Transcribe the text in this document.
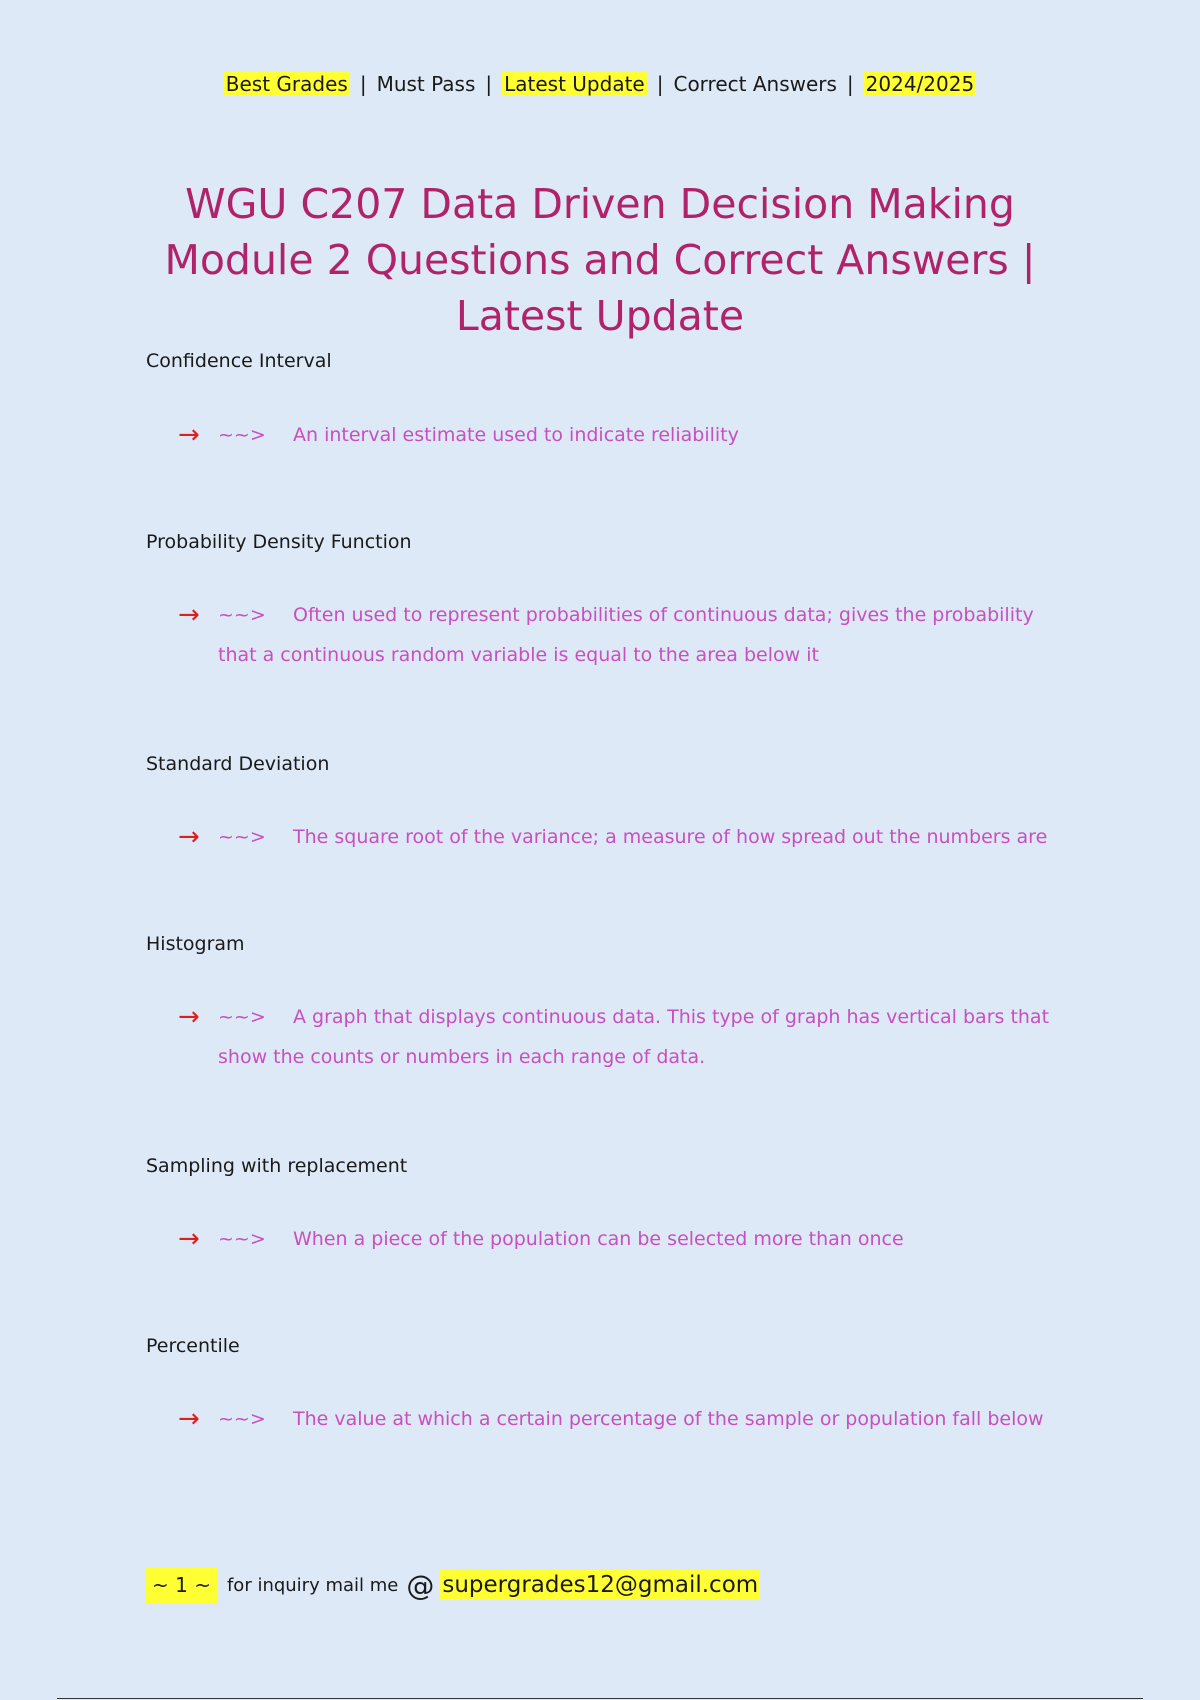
Best Grades | Must Pass | Latest Update | Correct Answers | 2024/2025
WGU C207 Data Driven Decision Making Module 2 Questions and Correct Answers | Latest Update
Confidence Interval
→ ~~>	An interval estimate used to indicate reliability
Probability Density Function
→ ~~>	Often used to represent probabilities of continuous data; gives the probability that a continuous random variable is equal to the area below it
Standard Deviation
→ ~~>	The square root of the variance; a measure of how spread out the numbers are
Histogram
→ ~~>	A graph that displays continuous data. This type of graph has vertical bars that show the counts or numbers in each range of data.
Sampling with replacement
→ ~~>	When a piece of the population can be selected more than once
Percentile
→ ~~>	The value at which a certain percentage of the sample or population fall below
~ 1 ~ for inquiry mail me @ supergrades12@gmail.com
